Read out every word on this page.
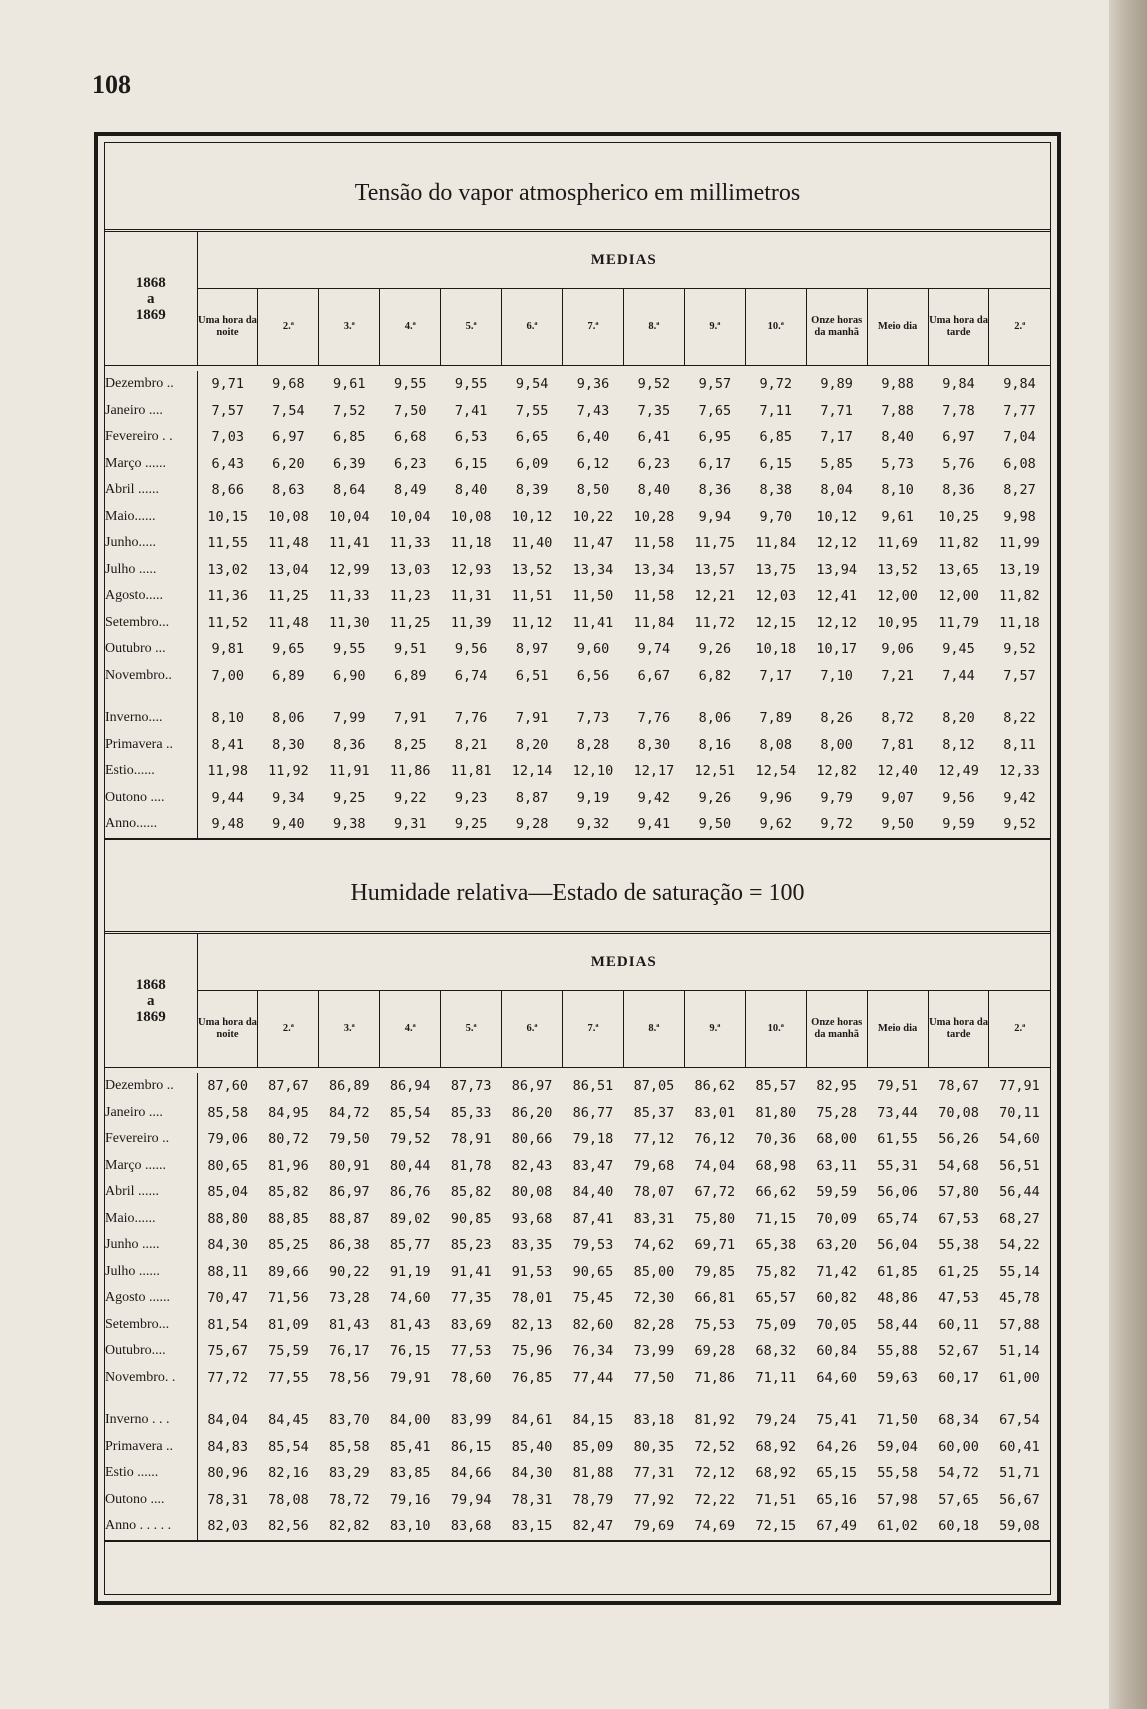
108
Tensão do vapor atmospherico em millimetros
1868
a
1869	MEDIAS													
	Uma hora da noite	2.ª	3.ª	4.ª	5.ª	6.ª	7.ª	8.ª	9.ª	10.ª	Onze horas da manhã	Meio dia	Uma hora da tarde	2.ª

Dezembro ..	9,71	9,68	9,61	9,55	9,55	9,54	9,36	9,52	9,57	9,72	9,89	9,88	9,84	9,84
Janeiro ....	7,57	7,54	7,52	7,50	7,41	7,55	7,43	7,35	7,65	7,11	7,71	7,88	7,78	7,77
Fevereiro . .	7,03	6,97	6,85	6,68	6,53	6,65	6,40	6,41	6,95	6,85	7,17	8,40	6,97	7,04
Março ......	6,43	6,20	6,39	6,23	6,15	6,09	6,12	6,23	6,17	6,15	5,85	5,73	5,76	6,08
Abril ......	8,66	8,63	8,64	8,49	8,40	8,39	8,50	8,40	8,36	8,38	8,04	8,10	8,36	8,27
Maio......	10,15	10,08	10,04	10,04	10,08	10,12	10,22	10,28	9,94	9,70	10,12	9,61	10,25	9,98
Junho.....	11,55	11,48	11,41	11,33	11,18	11,40	11,47	11,58	11,75	11,84	12,12	11,69	11,82	11,99
Julho .....	13,02	13,04	12,99	13,03	12,93	13,52	13,34	13,34	13,57	13,75	13,94	13,52	13,65	13,19
Agosto.....	11,36	11,25	11,33	11,23	11,31	11,51	11,50	11,58	12,21	12,03	12,41	12,00	12,00	11,82
Setembro...	11,52	11,48	11,30	11,25	11,39	11,12	11,41	11,84	11,72	12,15	12,12	10,95	11,79	11,18
Outubro ...	9,81	9,65	9,55	9,51	9,56	8,97	9,60	9,74	9,26	10,18	10,17	9,06	9,45	9,52
Novembro..	7,00	6,89	6,90	6,89	6,74	6,51	6,56	6,67	6,82	7,17	7,10	7,21	7,44	7,57

Inverno....	8,10	8,06	7,99	7,91	7,76	7,91	7,73	7,76	8,06	7,89	8,26	8,72	8,20	8,22
Primavera ..	8,41	8,30	8,36	8,25	8,21	8,20	8,28	8,30	8,16	8,08	8,00	7,81	8,12	8,11
Estio......	11,98	11,92	11,91	11,86	11,81	12,14	12,10	12,17	12,51	12,54	12,82	12,40	12,49	12,33
Outono ....	9,44	9,34	9,25	9,22	9,23	8,87	9,19	9,42	9,26	9,96	9,79	9,07	9,56	9,42
Anno......	9,48	9,40	9,38	9,31	9,25	9,28	9,32	9,41	9,50	9,62	9,72	9,50	9,59	9,52

Humidade relativa—Estado de saturação = 100
1868
a
1869	MEDIAS													
	Uma hora da noite	2.ª	3.ª	4.ª	5.ª	6.ª	7.ª	8.ª	9.ª	10.ª	Onze horas da manhã	Meio dia	Uma hora da tarde	2.ª

Dezembro ..	87,60	87,67	86,89	86,94	87,73	86,97	86,51	87,05	86,62	85,57	82,95	79,51	78,67	77,91
Janeiro ....	85,58	84,95	84,72	85,54	85,33	86,20	86,77	85,37	83,01	81,80	75,28	73,44	70,08	70,11
Fevereiro ..	79,06	80,72	79,50	79,52	78,91	80,66	79,18	77,12	76,12	70,36	68,00	61,55	56,26	54,60
Março ......	80,65	81,96	80,91	80,44	81,78	82,43	83,47	79,68	74,04	68,98	63,11	55,31	54,68	56,51
Abril ......	85,04	85,82	86,97	86,76	85,82	80,08	84,40	78,07	67,72	66,62	59,59	56,06	57,80	56,44
Maio......	88,80	88,85	88,87	89,02	90,85	93,68	87,41	83,31	75,80	71,15	70,09	65,74	67,53	68,27
Junho .....	84,30	85,25	86,38	85,77	85,23	83,35	79,53	74,62	69,71	65,38	63,20	56,04	55,38	54,22
Julho ......	88,11	89,66	90,22	91,19	91,41	91,53	90,65	85,00	79,85	75,82	71,42	61,85	61,25	55,14
Agosto ......	70,47	71,56	73,28	74,60	77,35	78,01	75,45	72,30	66,81	65,57	60,82	48,86	47,53	45,78
Setembro...	81,54	81,09	81,43	81,43	83,69	82,13	82,60	82,28	75,53	75,09	70,05	58,44	60,11	57,88
Outubro....	75,67	75,59	76,17	76,15	77,53	75,96	76,34	73,99	69,28	68,32	60,84	55,88	52,67	51,14
Novembro. .	77,72	77,55	78,56	79,91	78,60	76,85	77,44	77,50	71,86	71,11	64,60	59,63	60,17	61,00

Inverno . . .	84,04	84,45	83,70	84,00	83,99	84,61	84,15	83,18	81,92	79,24	75,41	71,50	68,34	67,54
Primavera ..	84,83	85,54	85,58	85,41	86,15	85,40	85,09	80,35	72,52	68,92	64,26	59,04	60,00	60,41
Estio ......	80,96	82,16	83,29	83,85	84,66	84,30	81,88	77,31	72,12	68,92	65,15	55,58	54,72	51,71
Outono ....	78,31	78,08	78,72	79,16	79,94	78,31	78,79	77,92	72,22	71,51	65,16	57,98	57,65	56,67
Anno . . . . .	82,03	82,56	82,82	83,10	83,68	83,15	82,47	79,69	74,69	72,15	67,49	61,02	60,18	59,08
